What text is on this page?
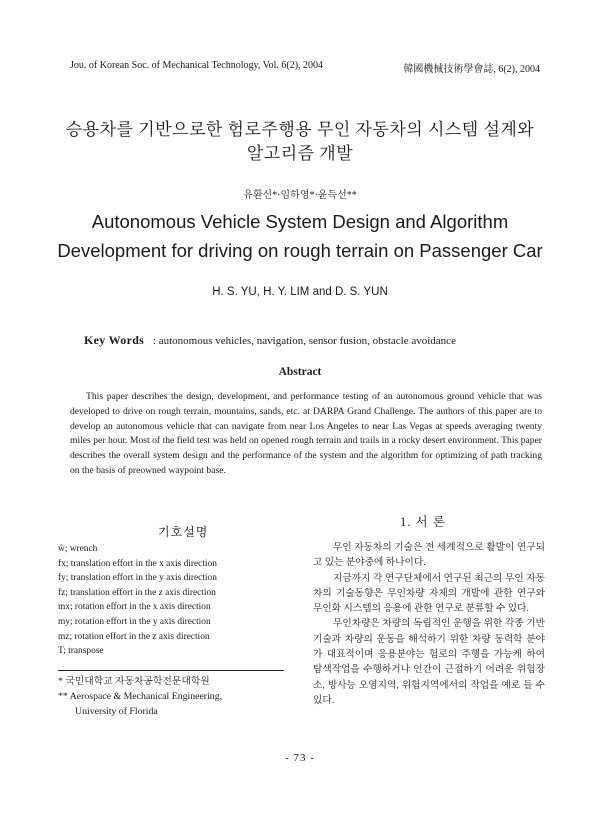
Jou. of Korean Soc. of Mechanical Technology, Vol. 6(2), 2004	韓國機械技術學會誌, 6(2), 2004
승용차를 기반으로한 험로주행용 무인 자동차의 시스템 설계와
알고리즘 개발
유환신*·임하영*·윤득선**
Autonomous Vehicle System Design and Algorithm
Development for driving on rough terrain on Passenger Car
H. S. YU, H. Y. LIM and D. S. YUN
Key Words : autonomous vehicles, navigation, sensor fusion, obstacle avoidance
Abstract
This paper describes the design, development, and performance testing of an autonomous ground vehicle that was developed to drive on rough terrain, mountains, sands, etc. at DARPA Grand Challenge. The authors of this paper are to develop an autonomous vehicle that can navigate from near Los Angeles to near Las Vegas at speeds averaging twenty miles per hour. Most of the field test was held on opened rough terrain and trails in a rocky desert environment. This paper describes the overall system design and the performance of the system and the algorithm for optimizing of path tracking on the basis of preowned waypoint base.
1. 서 론
기호설명
ŵ; wrench
fx; translation effort in the x axis direction
fy; translation effort in the y axis direction
fz; translation effort in the z axis direction
mx; rotation effort in the x axis direction
my; rotation effort in the y axis direction
mz; rotation effort in the z axis direction
T; transpose
* 국민대학교 자동차공학전문대학원
** Aerospace & Mechanical Engineering,
University of Florida

무인 자동차의 기술은 전 세계적으로 활발이 연구되고 있는 분야중에 하나이다.

지금까지 각 연구단체에서 연구된 최근의 무인 자동차의 기술동향은 무인차량 자체의 개발에 관한 연구와 무인화 시스템의 응용에 관한 연구로 분류할 수 있다.

무인차량은 차량의 독립적인 운행을 위한 각종 기반 기술과 차량의 운동을 해석하기 위한 차량 동력학 분야가 대표적이며 응용분야는 험로의 주행을 가능케 하여 탐색작업을 수행하거나 인간이 근접하기 어려운 위험장소, 방사능 오염지역, 위험지역에서의 작업을 예로 들 수 있다.

- 73 -
